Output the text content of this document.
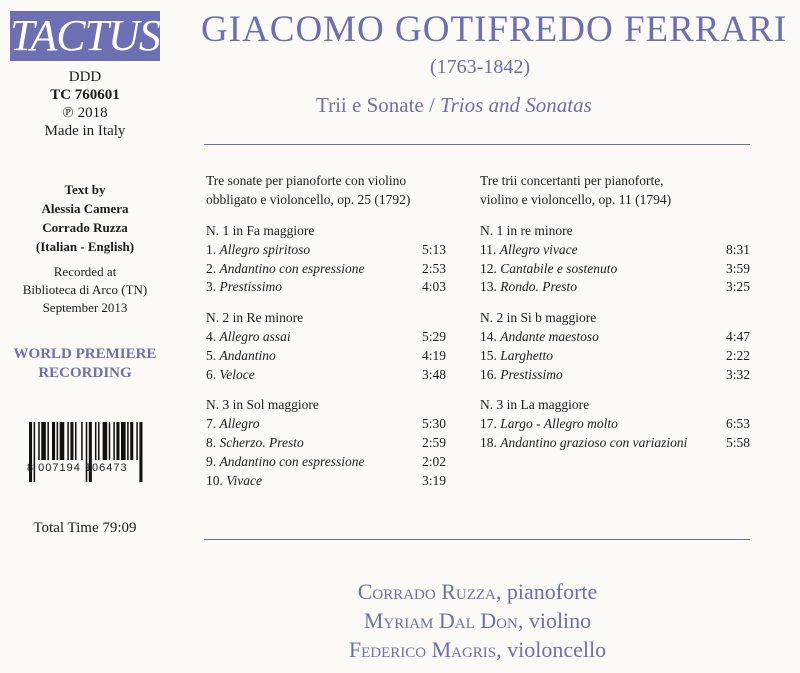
TACTUS
DDD
TC 760601
℗ 2018
Made in Italy
Text by
Alessia Camera
Corrado Ruzza
(Italian - English)
Recorded at
Biblioteca di Arco (TN)
September 2013
WORLD PREMIERE
RECORDING
8 007194 106473
Total Time 79:09
GIACOMO GOTIFREDO FERRARI
(1763-1842)
Trii e Sonate / Trios and Sonatas
Tre sonate per pianoforte con violino
obbligato e violoncello, op. 25 (1792)
N. 1 in Fa maggiore
1. Allegro spiritoso	5:13
2. Andantino con espressione	2:53
3. Prestissimo	4:03
N. 2 in Re minore
4. Allegro assai	5:29
5. Andantino	4:19
6. Veloce	3:48
N. 3 in Sol maggiore
7. Allegro	5:30
8. Scherzo. Presto	2:59
9. Andantino con espressione	2:02
10. Vivace	3:19
Tre trii concertanti per pianoforte,
violino e violoncello, op. 11 (1794)
N. 1 in re minore
11. Allegro vivace	8:31
12. Cantabile e sostenuto	3:59
13. Rondo. Presto	3:25
N. 2 in Si b maggiore
14. Andante maestoso	4:47
15. Larghetto	2:22
16. Prestissimo	3:32
N. 3 in La maggiore
17. Largo - Allegro molto	6:53
18. Andantino grazioso con variazioni	5:58
Corrado Ruzza, pianoforte
Myriam Dal Don, violino
Federico Magris, violoncello
